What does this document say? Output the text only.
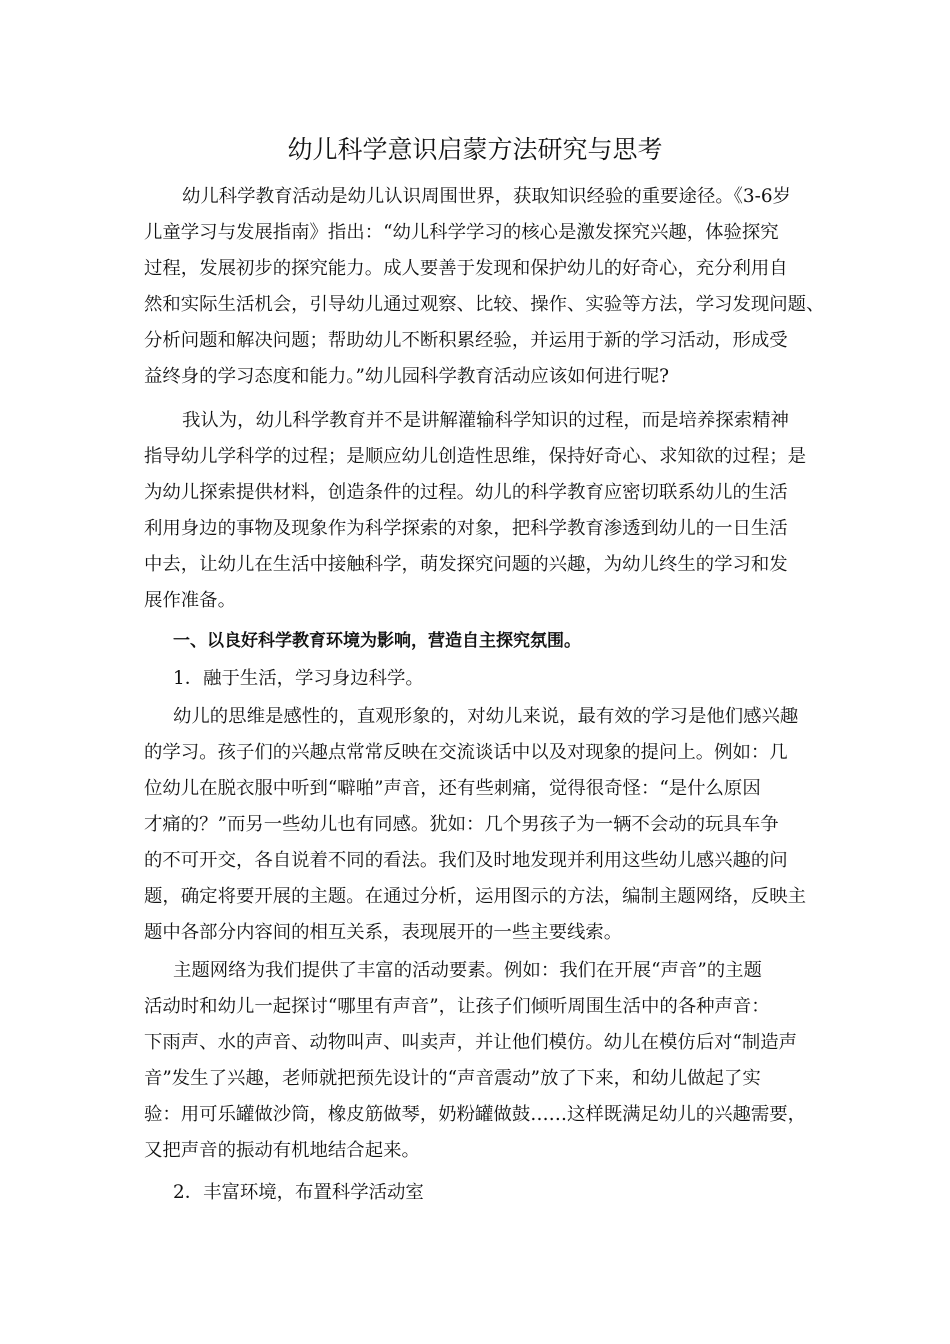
幼儿科学意识启蒙方法研究与思考
幼儿科学教育活动是幼儿认识周围世界，获取知识经验的重要途径。《3-6岁
儿童学习与发展指南》指出：“幼儿科学学习的核心是激发探究兴趣，体验探究
过程，发展初步的探究能力。成人要善于发现和保护幼儿的好奇心，充分利用自
然和实际生活机会，引导幼儿通过观察、比较、操作、实验等方法，学习发现问题、
分析问题和解决问题；帮助幼儿不断积累经验，并运用于新的学习活动，形成受
益终身的学习态度和能力。”幼儿园科学教育活动应该如何进行呢?
我认为，幼儿科学教育并不是讲解灌输科学知识的过程，而是培养探索精神
指导幼儿学科学的过程；是顺应幼儿创造性思维，保持好奇心、求知欲的过程；是
为幼儿探索提供材料，创造条件的过程。幼儿的科学教育应密切联系幼儿的生活
利用身边的事物及现象作为科学探索的对象，把科学教育渗透到幼儿的一日生活
中去，让幼儿在生活中接触科学，萌发探究问题的兴趣，为幼儿终生的学习和发
展作准备。
一、以良好科学教育环境为影响，营造自主探究氛围。
1．融于生活，学习身边科学。
幼儿的思维是感性的，直观形象的，对幼儿来说，最有效的学习是他们感兴趣
的学习。孩子们的兴趣点常常反映在交流谈话中以及对现象的提问上。例如：几
位幼儿在脱衣服中听到“噼啪”声音，还有些刺痛，觉得很奇怪：“是什么原因
才痛的？”而另一些幼儿也有同感。犹如：几个男孩子为一辆不会动的玩具车争
的不可开交，各自说着不同的看法。我们及时地发现并利用这些幼儿感兴趣的问
题，确定将要开展的主题。在通过分析，运用图示的方法，编制主题网络，反映主
题中各部分内容间的相互关系，表现展开的一些主要线索。
主题网络为我们提供了丰富的活动要素。例如：我们在开展“声音”的主题
活动时和幼儿一起探讨“哪里有声音”，让孩子们倾听周围生活中的各种声音：
下雨声、水的声音、动物叫声、叫卖声，并让他们模仿。幼儿在模仿后对“制造声
音”发生了兴趣，老师就把预先设计的“声音震动”放了下来，和幼儿做起了实
验：用可乐罐做沙筒，橡皮筋做琴，奶粉罐做鼓……这样既满足幼儿的兴趣需要，
又把声音的振动有机地结合起来。
2．丰富环境，布置科学活动室
